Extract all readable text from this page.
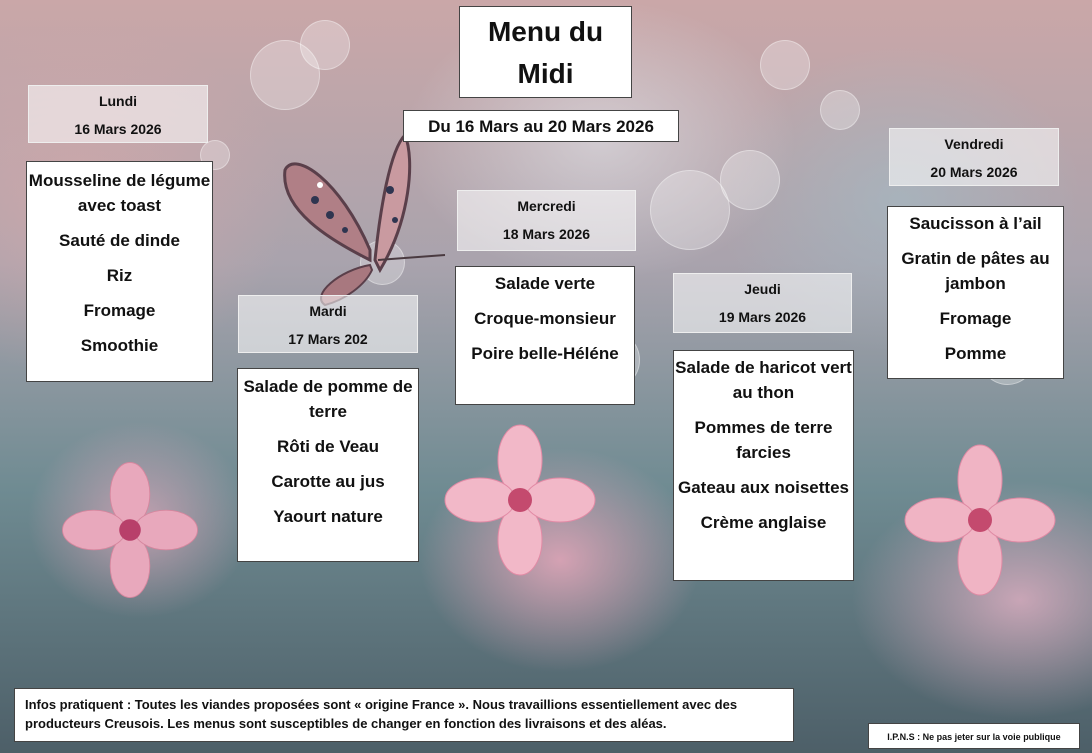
Menu du Midi
Du 16 Mars au 20 Mars 2026
Lundi
16 Mars 2026
Mousseline de légume avec toast
Sauté de dinde
Riz
Fromage
Smoothie
Mardi
17 Mars 202
Salade de pomme de terre
Rôti de Veau
Carotte au jus
Yaourt nature
Mercredi
18 Mars 2026
Salade verte
Croque-monsieur
Poire belle-Héléne
Jeudi
19 Mars 2026
Salade de haricot vert au thon
Pommes de terre farcies
Gateau aux noisettes
Crème anglaise
Vendredi
20 Mars 2026
Saucisson à l’ail
Gratin de pâtes au jambon
Fromage
Pomme
Infos pratiquent : Toutes les viandes proposées sont « origine France ». Nous travaillions essentiellement avec des producteurs Creusois. Les menus sont susceptibles de changer en fonction des livraisons et des aléas.
I.P.N.S : Ne pas jeter sur la voie publique
